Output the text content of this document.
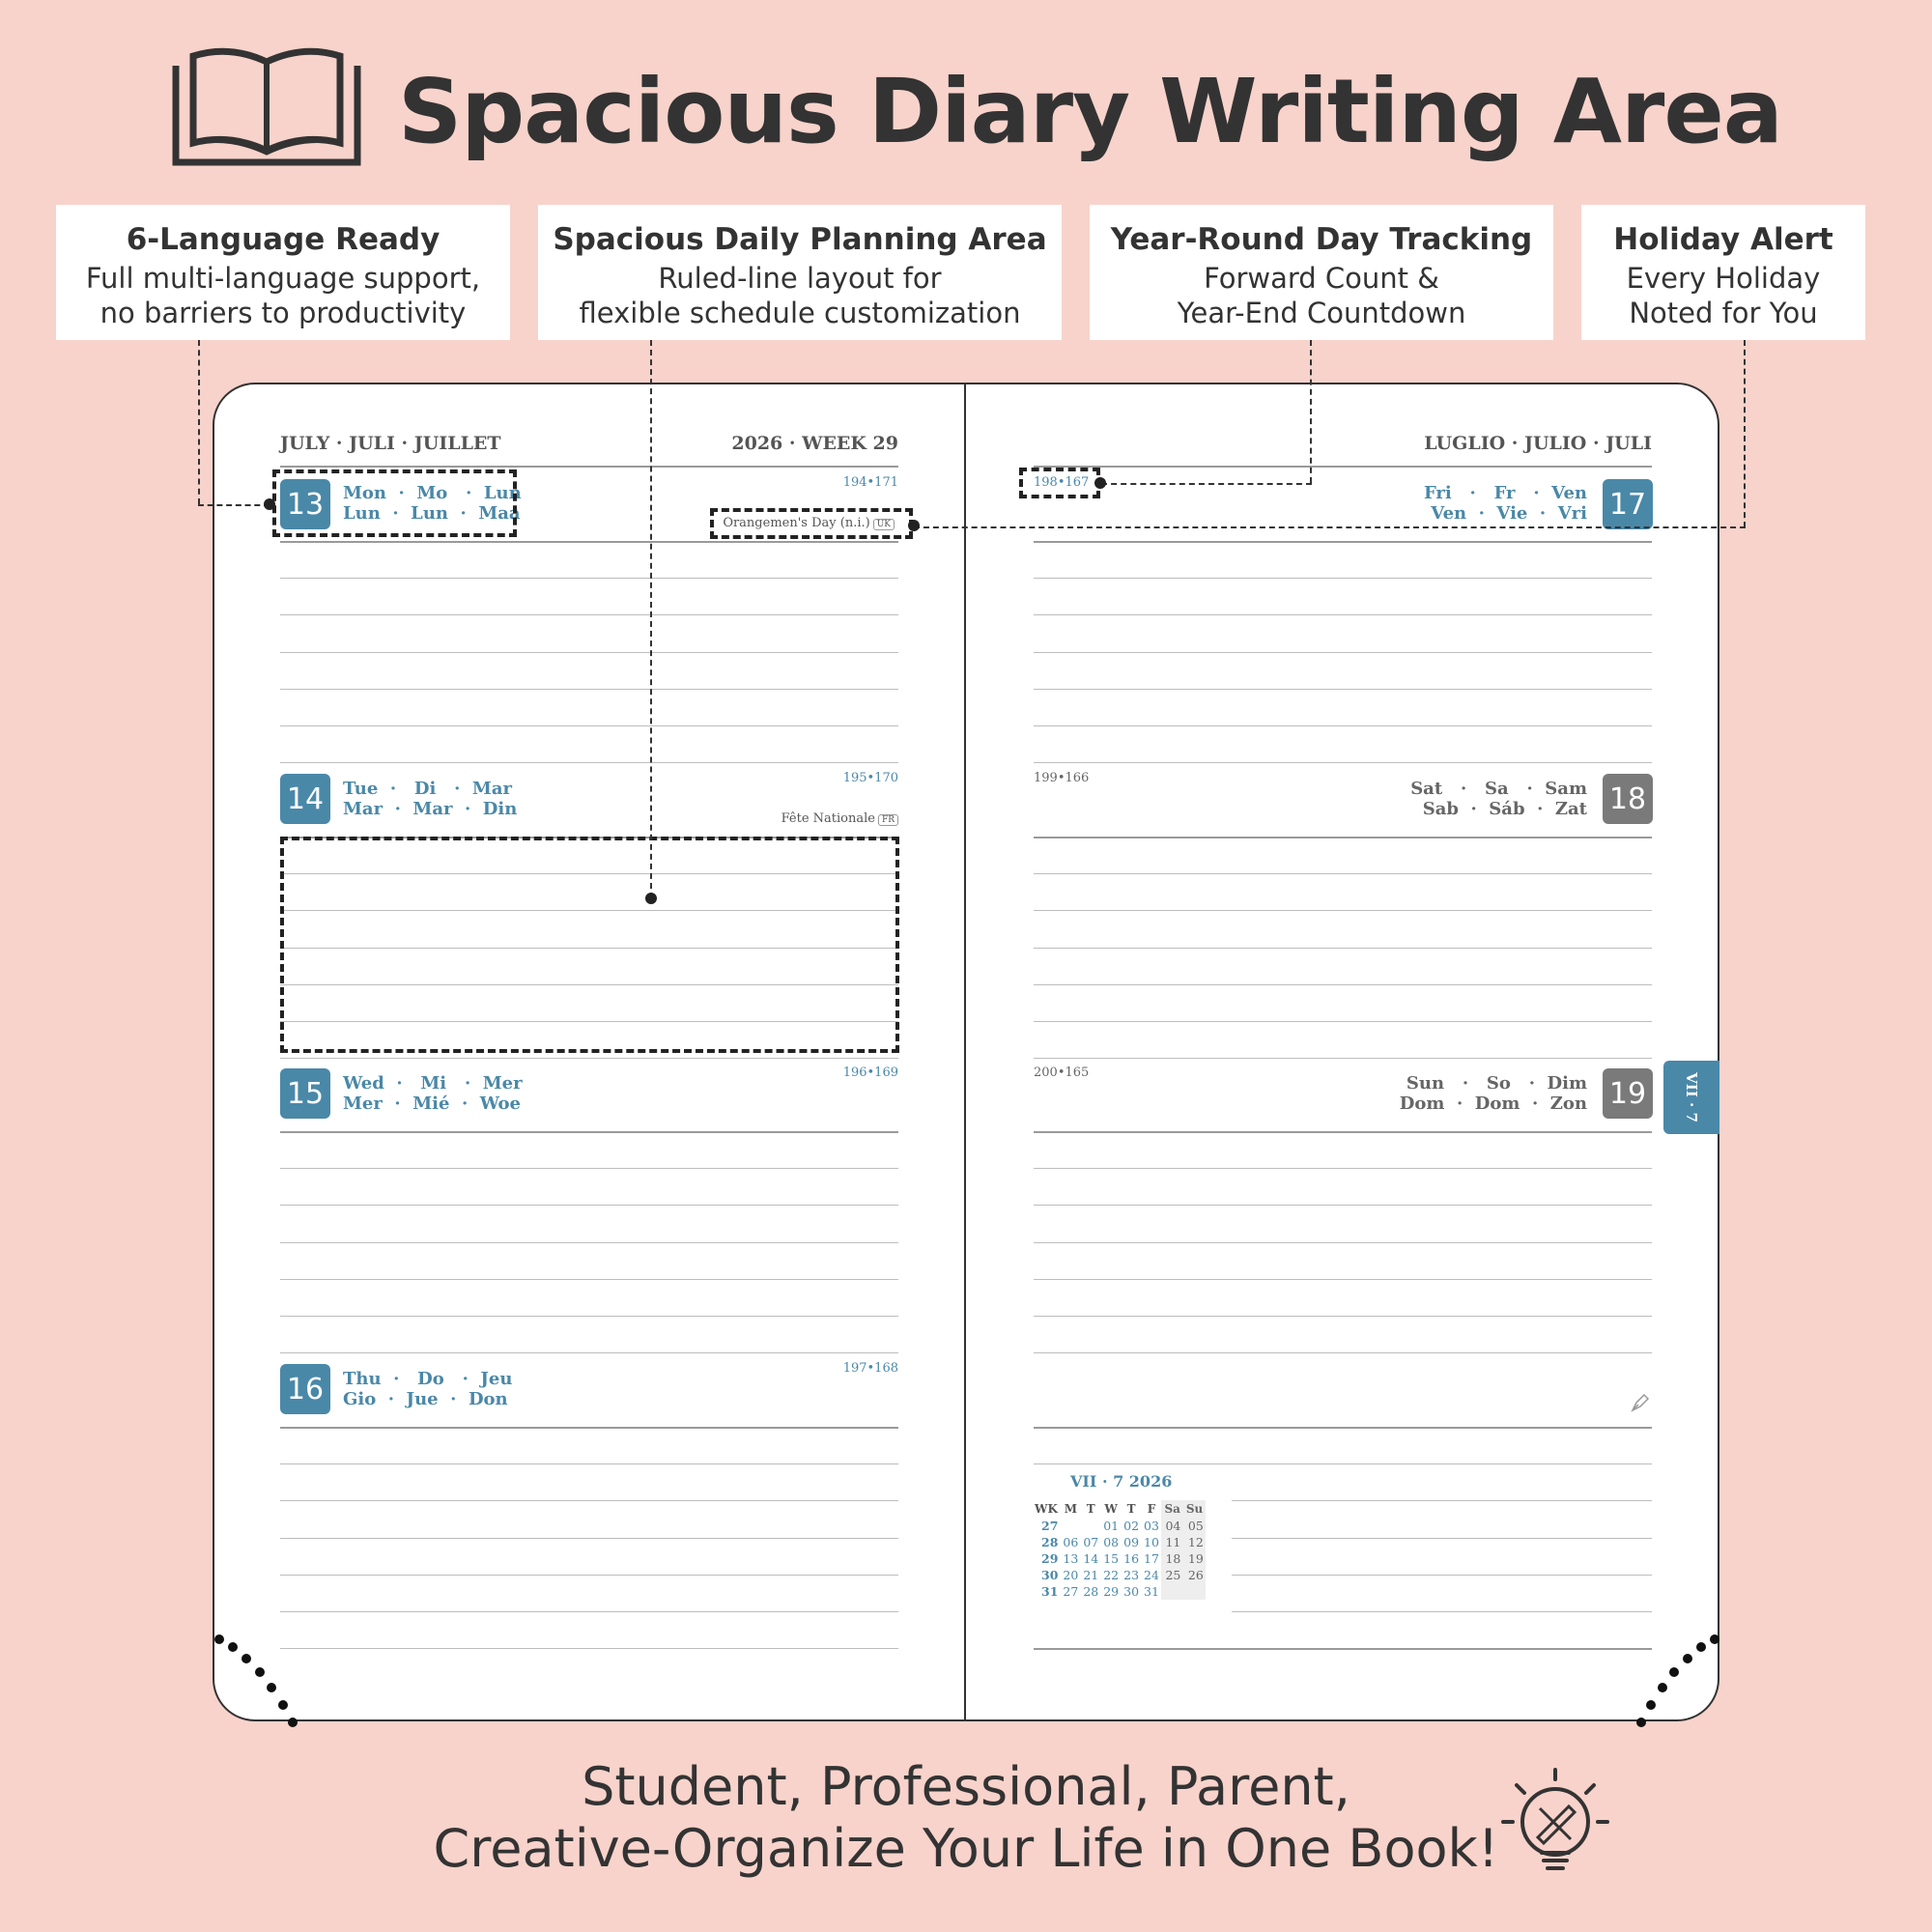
Spacious Diary Writing Area
6-Language Ready
Full multi-language support,
no barriers to productivity
Spacious Daily Planning Area
Ruled-line layout for
flexible schedule customization
Year-Round Day Tracking
Forward Count &
Year-End Countdown
Holiday Alert
Every Holiday
Noted for You
JULY · JULI · JUILLET	2026 · WEEK 29	LUGLIO · JULIO · JULI
13	Mon  ·  Mo   ·  Lun
Lun  ·  Lun  ·  Maa
194•171
Orangemen's Day (n.i.) UK
14	Tue  ·   Di   ·  Mar
Mar  ·  Mar  ·  Din
195•170
Fête Nationale FR
15	Wed  ·   Mi   ·  Mer
Mer  ·  Mié  ·  Woe
196•169
16	Thu  ·   Do   ·  Jeu
Gio  ·  Jue  ·  Don
197•168
198•167
Fri   ·   Fr   ·  Ven
Ven  ·  Vie  ·  Vri 17
199•166
Sat   ·   Sa   ·  Sam
Sab  ·  Sáb  ·  Zat 18
200•165
Sun   ·   So   ·  Dim
Dom  ·  Dom  ·  Zon 19
VII · 7 2026
WK	M	T	W	T	F	Sa	Su
27			01	02	03	04	05
28	06	07	08	09	10	11	12
29	13	14	15	16	17	18	19
30	20	21	22	23	24	25	26
31	27	28	29	30	31		
VII · 7
Student, Professional, Parent,
Creative-Organize Your Life in One Book!
